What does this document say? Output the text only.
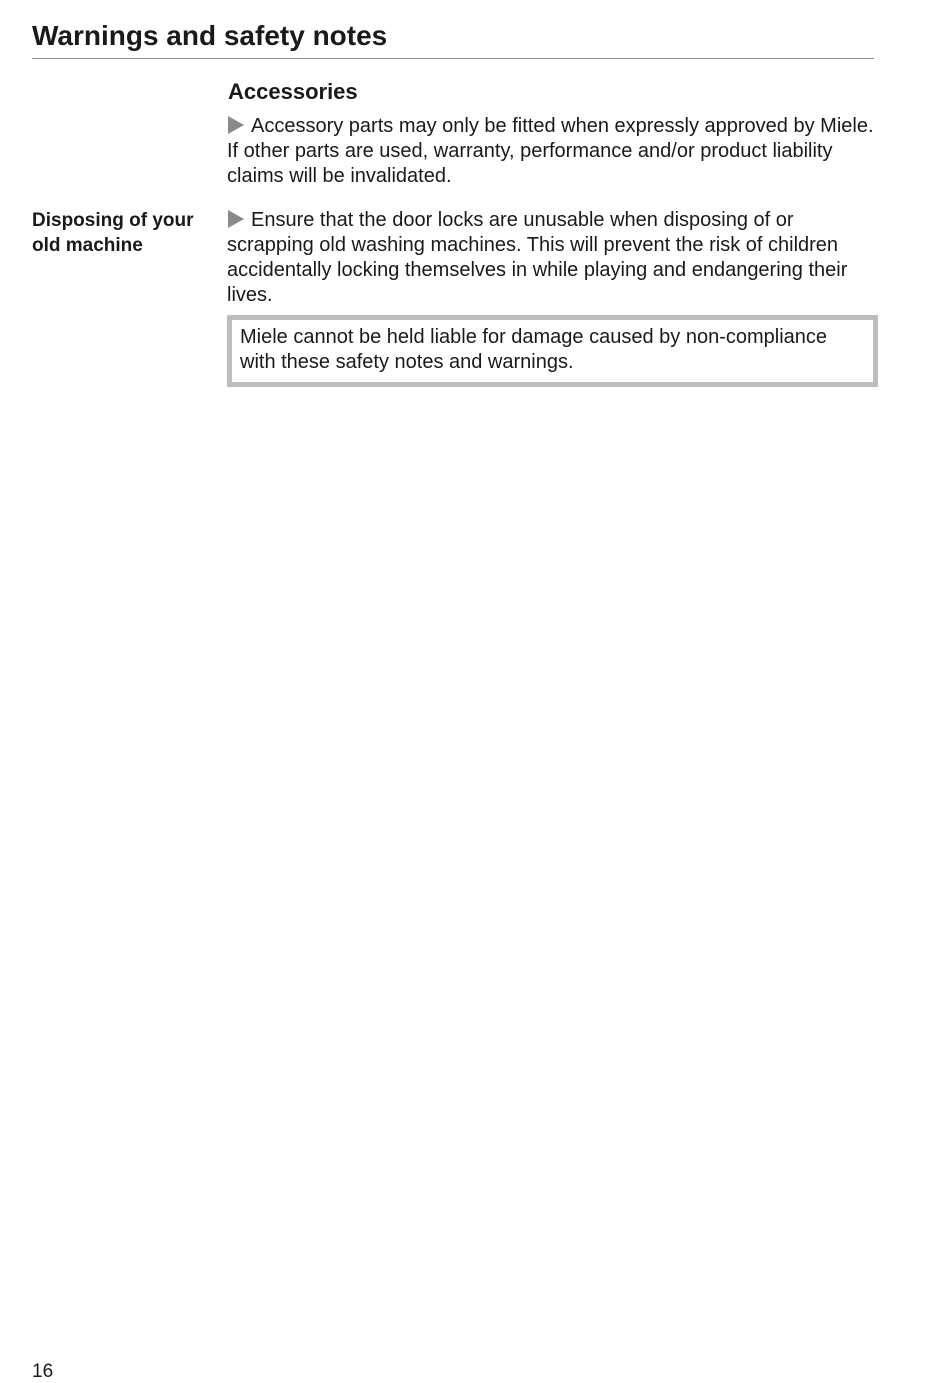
Warnings and safety notes
Accessories

Accessory parts may only be fitted when expressly approved by Miele. If other parts are used, warranty, performance and/or product liability claims will be invalidated.

Disposing of your old machine

Ensure that the door locks are unusable when disposing of or scrapping old washing machines. This will prevent the risk of children accidentally locking themselves in while playing and endangering their lives.

Miele cannot be held liable for damage caused by non-compliance with these safety notes and warnings.

16
